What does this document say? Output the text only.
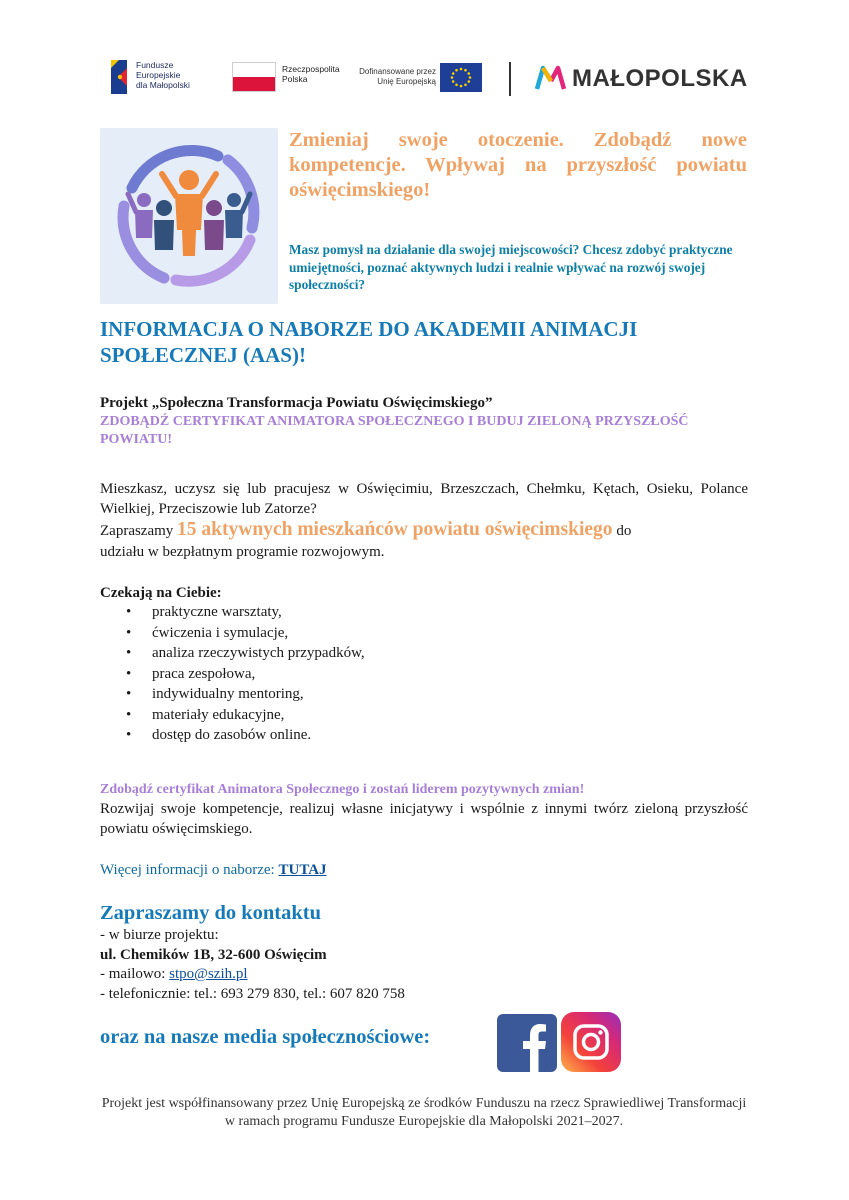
Fundusze Europejskie
dla Małopolski
Rzeczpospolita
Polska
Dofinansowane przez
Unię Europejską	MAŁOPOLSKA
Zmieniaj swoje otoczenie. Zdobądź nowe kompetencje. Wpływaj na przyszłość powiatu oświęcimskiego!
Masz pomysł na działanie dla swojej miejscowości? Chcesz zdobyć praktyczne umiejętności, poznać aktywnych ludzi i realnie wpływać na rozwój swojej społeczności?
INFORMACJA O NABORZE DO AKADEMII ANIMACJI SPOŁECZNEJ (AAS)!
Projekt „Społeczna Transformacja Powiatu Oświęcimskiego”
ZDOBĄDŹ CERTYFIKAT ANIMATORA SPOŁECZNEGO I BUDUJ ZIELONĄ PRZYSZŁOŚĆ POWIATU!
Mieszkasz, uczysz się lub pracujesz w Oświęcimiu, Brzeszczach, Chełmku, Kętach, Osieku, Polance Wielkiej, Przeciszowie lub Zatorze?
Zapraszamy 15 aktywnych mieszkańców powiatu oświęcimskiego do
udziału w bezpłatnym programie rozwojowym.
Czekają na Ciebie:
• praktyczne warsztaty,
• ćwiczenia i symulacje,
• analiza rzeczywistych przypadków,
• praca zespołowa,
• indywidualny mentoring,
• materiały edukacyjne,
• dostęp do zasobów online.
Zdobądź certyfikat Animatora Społecznego i zostań liderem pozytywnych zmian!
Rozwijaj swoje kompetencje, realizuj własne inicjatywy i wspólnie z innymi twórz zieloną przyszłość powiatu oświęcimskiego.
Więcej informacji o naborze: TUTAJ
Zapraszamy do kontaktu
- w biurze projektu:
ul. Chemików 1B, 32-600 Oświęcim
- mailowo: stpo@szih.pl
- telefonicznie: tel.: 693 279 830, tel.: 607 820 758
oraz na nasze media społecznościowe:
Projekt jest współfinansowany przez Unię Europejską ze środków Funduszu na rzecz Sprawiedliwej Transformacji w ramach programu Fundusze Europejskie dla Małopolski 2021–2027.
